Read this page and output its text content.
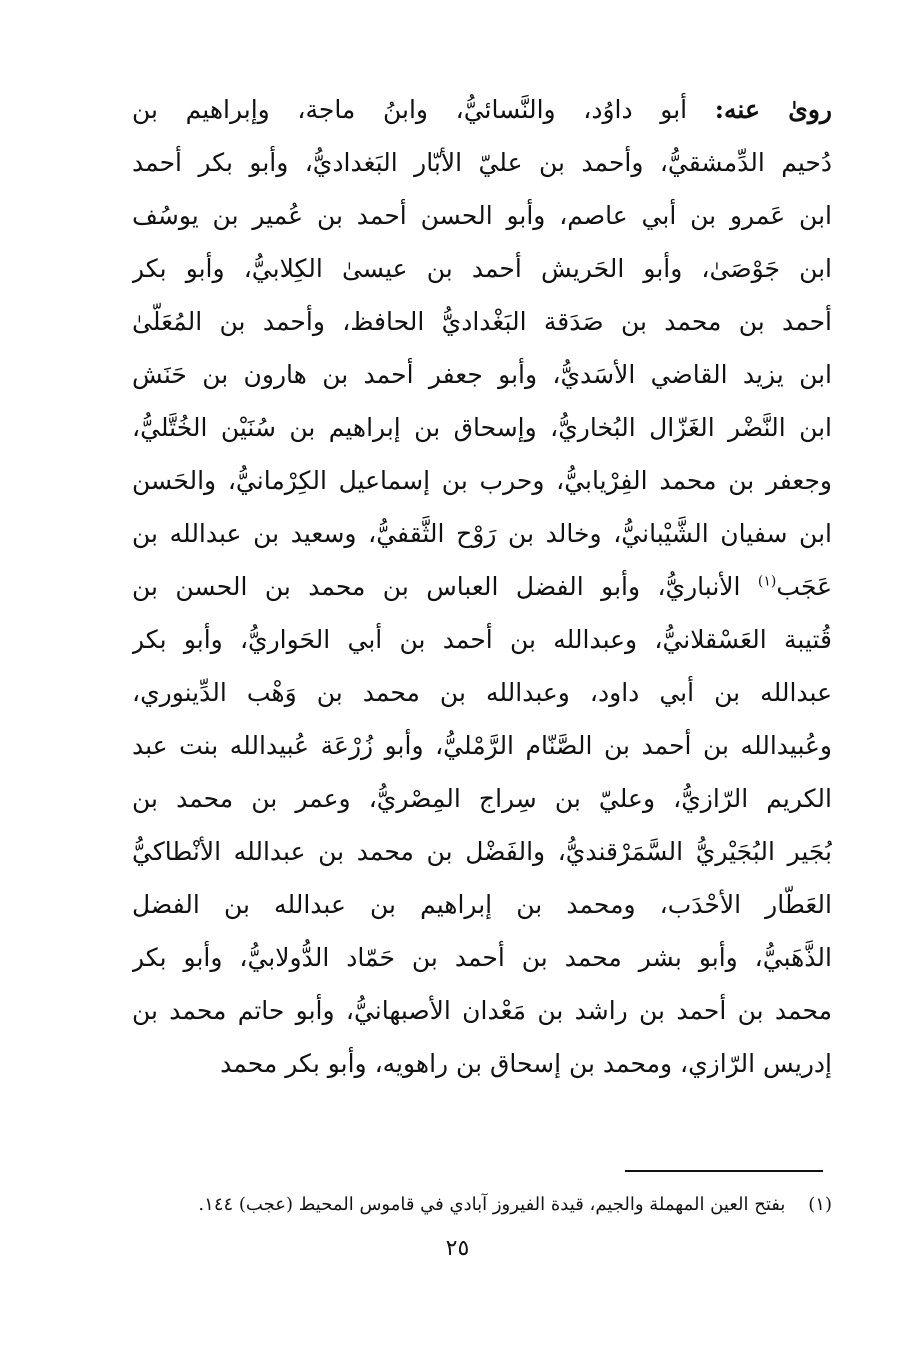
روىٰ عنه: أبو داوُد، والنَّسائيُّ، وابنُ ماجة، وإبراهيم بن
دُحيم الدِّمشقيُّ، وأحمد بن عليّ الأبّار البَغداديُّ، وأبو بكر أحمد
ابن عَمرو بن أبي عاصم، وأبو الحسن أحمد بن عُمير بن يوسُف
ابن جَوْصَىٰ، وأبو الحَريش أحمد بن عيسىٰ الكِلابيُّ، وأبو بكر
أحمد بن محمد بن صَدَقة البَغْداديُّ الحافظ، وأحمد بن المُعَلّىٰ
ابن يزيد القاضي الأسَديُّ، وأبو جعفر أحمد بن هارون بن حَنَش
ابن النَّضْر الغَزّال البُخاريُّ، وإسحاق بن إبراهيم بن سُنَيْن الخُتَّليُّ،
وجعفر بن محمد الفِرْيابيُّ، وحرب بن إسماعيل الكِرْمانيُّ، والحَسن
ابن سفيان الشَّيْبانيُّ، وخالد بن رَوْح الثَّقفيُّ، وسعيد بن عبدالله بن
عَجَب$^{(١)}$ الأنباريُّ، وأبو الفضل العباس بن محمد بن الحسن بن
قُتيبة العَسْقلانيُّ، وعبدالله بن أحمد بن أبي الحَواريُّ، وأبو بكر
عبدالله بن أبي داود، وعبدالله بن محمد بن وَهْب الدِّينوري،
وعُبيدالله بن أحمد بن الصَّنّام الرَّمْليُّ، وأبو زُرْعَة عُبيدالله بنت عبد
الكريم الرّازيُّ، وعليّ بن سِراج المِصْريُّ، وعمر بن محمد بن
بُجَير البُجَيْريُّ السَّمَرْقنديُّ، والفَضْل بن محمد بن عبدالله الأنْطاكيُّ
العَطّار الأحْدَب، ومحمد بن إبراهيم بن عبدالله بن الفضل
الذَّهَبيُّ، وأبو بشر محمد بن أحمد بن حَمّاد الدُّولابيُّ، وأبو بكر
محمد بن أحمد بن راشد بن مَعْدان الأصبهانيُّ، وأبو حاتم محمد بن
إدريس الرّازي، ومحمد بن إسحاق بن راهويه، وأبو بكر محمد
(١)    بفتح العين المهملة والجيم، قيدة الفيروز آبادي في قاموس المحيط (عجب) ١٤٤.
٢٥
